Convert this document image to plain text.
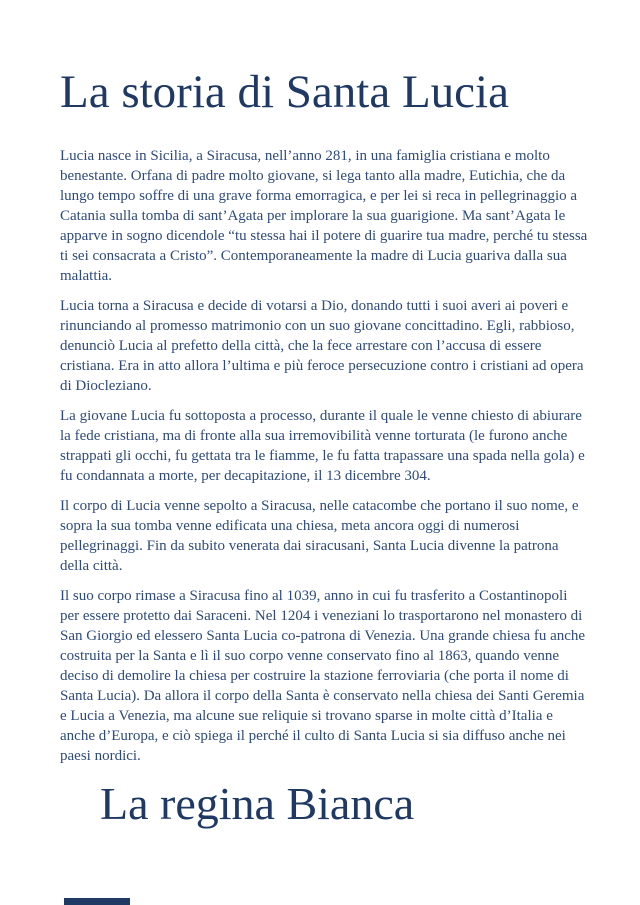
La storia di Santa Lucia

Lucia nasce in Sicilia, a Siracusa, nell’anno 281, in una famiglia cristiana e molto benestante. Orfana di padre molto giovane, si lega tanto alla madre, Eutichia, che da lungo tempo soffre di una grave forma emorragica, e per lei si reca in pellegrinaggio a Catania sulla tomba di sant’Agata per implorare la sua guarigione. Ma sant’Agata le apparve in sogno dicendole “tu stessa hai il potere di guarire tua madre, perché tu stessa ti sei consacrata a Cristo”. Contemporaneamente la madre di Lucia guariva dalla sua malattia.

Lucia torna a Siracusa e decide di votarsi a Dio, donando tutti i suoi averi ai poveri e rinunciando al promesso matrimonio con un suo giovane concittadino. Egli, rabbioso, denunciò Lucia al prefetto della città, che la fece arrestare con l’accusa di essere cristiana. Era in atto allora l’ultima e più feroce persecuzione contro i cristiani ad opera di Diocleziano.

La giovane Lucia fu sottoposta a processo, durante il quale le venne chiesto di abiurare la fede cristiana, ma di fronte alla sua irremovibilità venne torturata (le furono anche strappati gli occhi, fu gettata tra le fiamme, le fu fatta trapassare una spada nella gola) e fu condannata a morte, per decapitazione, il 13 dicembre 304.

Il corpo di Lucia venne sepolto a Siracusa, nelle catacombe che portano il suo nome, e sopra la sua tomba venne edificata una chiesa, meta ancora oggi di numerosi pellegrinaggi. Fin da subito venerata dai siracusani, Santa Lucia divenne la patrona della città.

Il suo corpo rimase a Siracusa fino al 1039, anno in cui fu trasferito a Costantinopoli per essere protetto dai Saraceni. Nel 1204 i veneziani lo trasportarono nel monastero di San Giorgio ed elessero Santa Lucia co-patrona di Venezia. Una grande chiesa fu anche costruita per la Santa e lì il suo corpo venne conservato fino al 1863, quando venne deciso di demolire la chiesa per costruire la stazione ferroviaria (che porta il nome di Santa Lucia). Da allora il corpo della Santa è conservato nella chiesa dei Santi Geremia e Lucia a Venezia, ma alcune sue reliquie si trovano sparse in molte città d’Italia e anche d’Europa, e ciò spiega il perché il culto di Santa Lucia si sia diffuso anche nei paesi nordici.

La regina Bianca
